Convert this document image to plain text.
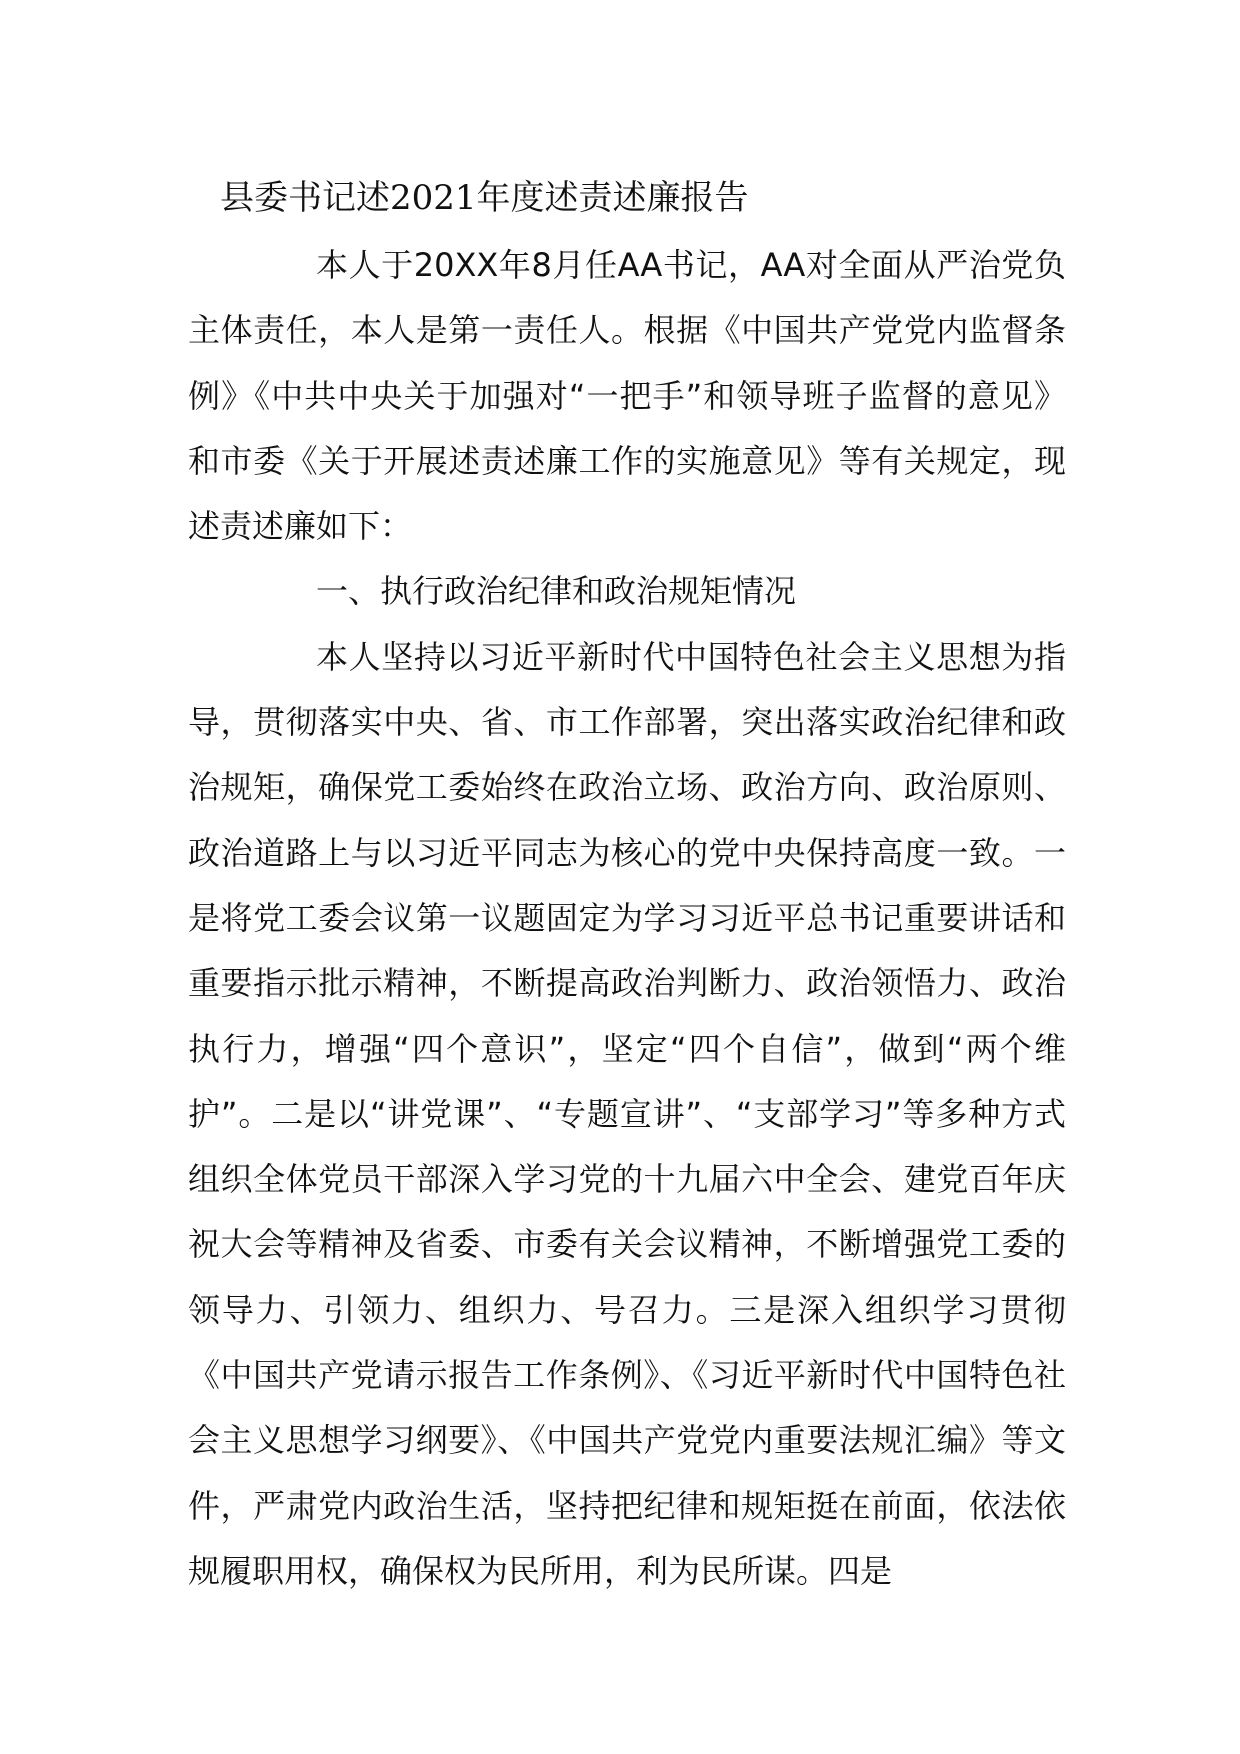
县委书记述2021年度述责述廉报告

本人于20XX年8月任AA书记，AA对全面从严治党负主体责任，本人是第一责任人。根据《中国共产党党内监督条例》《中共中央关于加强对“一把手”和领导班子监督的意见》和市委《关于开展述责述廉工作的实施意见》等有关规定，现述责述廉如下：

一、执行政治纪律和政治规矩情况

本人坚持以习近平新时代中国特色社会主义思想为指导，贯彻落实中央、省、市工作部署，突出落实政治纪律和政治规矩，确保党工委始终在政治立场、政治方向、政治原则、政治道路上与以习近平同志为核心的党中央保持高度一致。一是将党工委会议第一议题固定为学习习近平总书记重要讲话和重要指示批示精神，不断提高政治判断力、政治领悟力、政治执行力，增强“四个意识”，坚定“四个自信”，做到“两个维护”。二是以“讲党课”、“专题宣讲”、“支部学习”等多种方式组织全体党员干部深入学习党的十九届六中全会、建党百年庆祝大会等精神及省委、市委有关会议精神，不断增强党工委的领导力、引领力、组织力、号召力。三是深入组织学习贯彻《中国共产党请示报告工作条例》、《习近平新时代中国特色社会主义思想学习纲要》、《中国共产党党内重要法规汇编》等文件，严肃党内政治生活，坚持把纪律和规矩挺在前面，依法依规履职用权，确保权为民所用，利为民所谋。四是
